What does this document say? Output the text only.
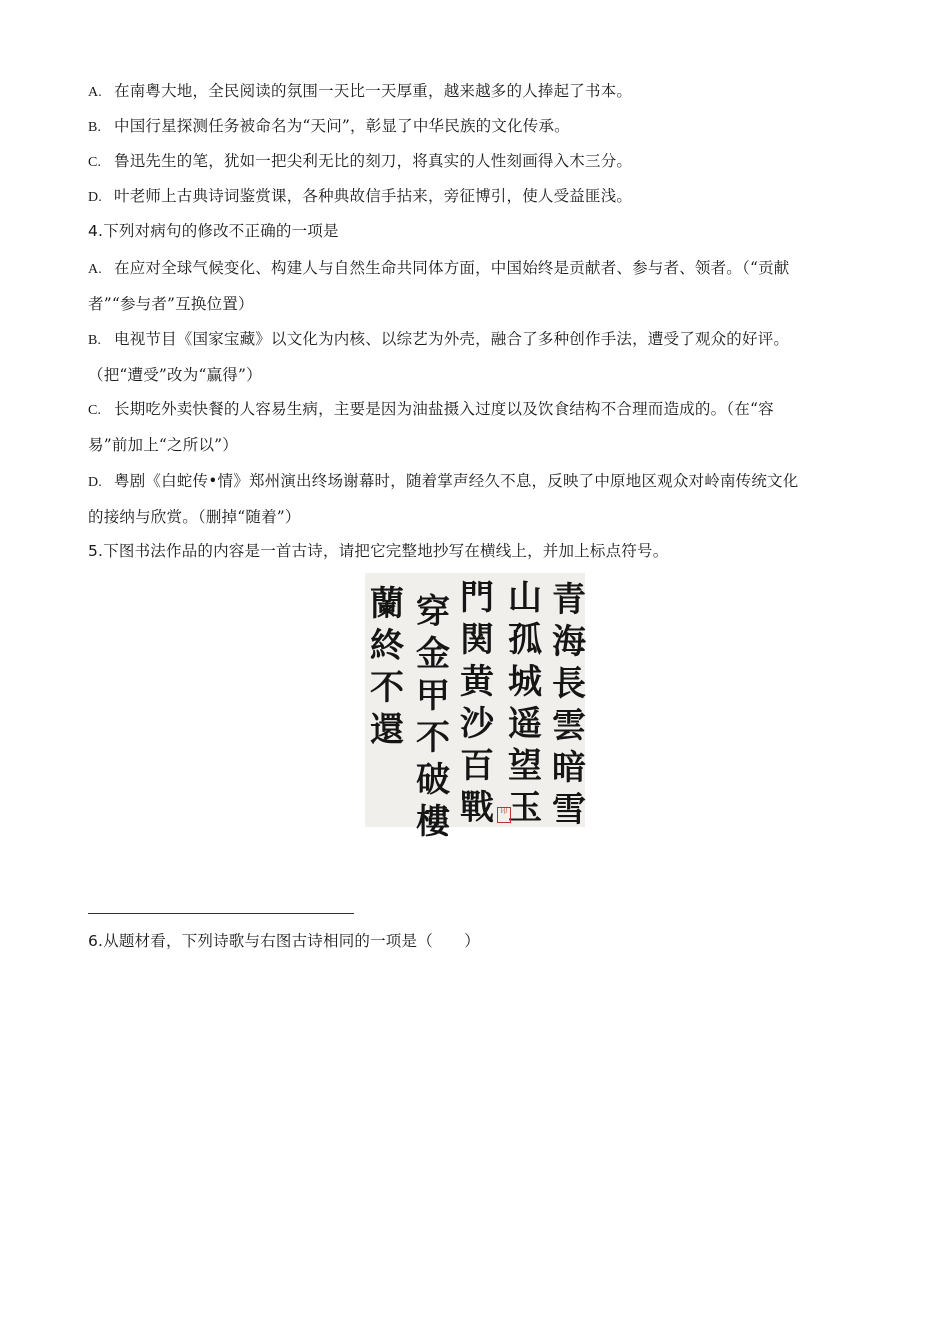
A. 在南粤大地，全民阅读的氛围一天比一天厚重，越来越多的人捧起了书本。
B. 中国行星探测任务被命名为“天问”，彰显了中华民族的文化传承。
C. 鲁迅先生的笔，犹如一把尖利无比的刻刀，将真实的人性刻画得入木三分。
D. 叶老师上古典诗词鉴赏课，各种典故信手拈来，旁征博引，使人受益匪浅。
4.下列对病句的修改不正确的一项是
A. 在应对全球气候变化、构建人与自然生命共同体方面，中国始终是贡献者、参与者、领者。（“贡献
者”“参与者”互换位置）
B. 电视节目《国家宝藏》以文化为内核、以综艺为外壳，融合了多种创作手法，遭受了观众的好评。
（把“遭受”改为“赢得”）
C. 长期吃外卖快餐的人容易生病，主要是因为油盐摄入过度以及饮食结构不合理而造成的。（在“容
易”前加上“之所以”）
D. 粤剧《白蛇传•情》郑州演出终场谢幕时，随着掌声经久不息，反映了中原地区观众对岭南传统文化
的接纳与欣赏。（删掉“随着”）
5.下图书法作品的内容是一首古诗，请把它完整地抄写在横线上，并加上标点符号。
青海長雲暗雪
山孤城遥望玉
門関黄沙百戰
穿金甲不破樓
蘭終不還
印
6.从题材看，下列诗歌与右图古诗相同的一项是（　　）
